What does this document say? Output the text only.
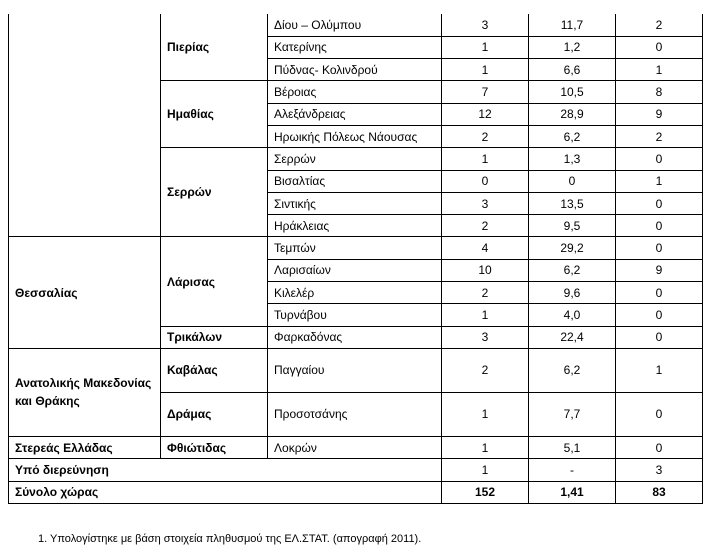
	Πιερίας	Δίου – Ολύμπου	3	11,7	2
		Κατερίνης	1	1,2	0
		Πύδνας- Κολινδρού	1	6,6	1
	Ημαθίας	Βέροιας	7	10,5	8
		Αλεξάνδρειας	12	28,9	9
		Ηρωικής Πόλεως Νάουσας	2	6,2	2
	Σερρών	Σερρών	1	1,3	0
		Βισαλτίας	0	0	1
		Σιντικής	3	13,5	0
		Ηράκλειας	2	9,5	0
Θεσσαλίας	Λάρισας	Τεμπών	4	29,2	0
		Λαρισαίων	10	6,2	9
		Κιλελέρ	2	9,6	0
		Τυρνάβου	1	4,0	0
	Τρικάλων	Φαρκαδόνας	3	22,4	0
Ανατολικής Μακεδονίας και Θράκης	Καβάλας	Παγγαίου	2	6,2	1
	Δράμας	Προσοτσάνης	1	7,7	0
Στερεάς Ελλάδας	Φθιώτιδας	Λοκρών	1	5,1	0
Υπό διερεύνηση			1	-	3
Σύνολο χώρας			152	1,41	83
1. Υπολογίστηκε με βάση στοιχεία πληθυσμού της ΕΛ.ΣΤΑΤ. (απογραφή 2011).
